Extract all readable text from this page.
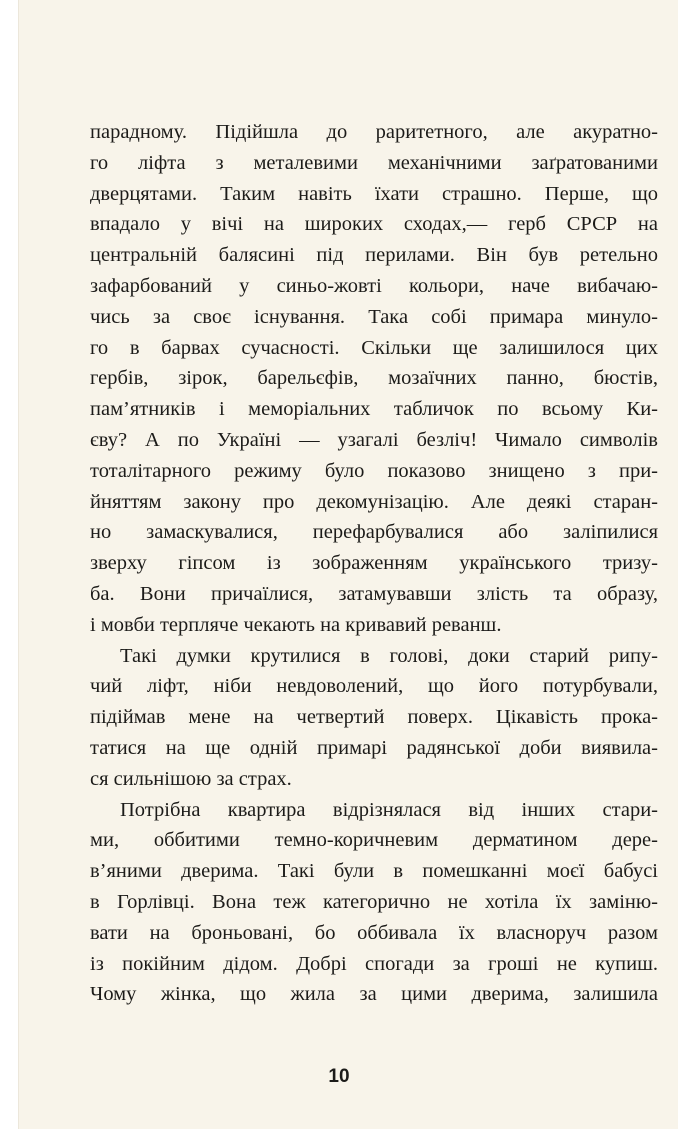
парадному. Підійшла до раритетного, але акуратно-
го ліфта з металевими механічними заґратованими
дверцятами. Таким навіть їхати страшно. Перше, що
впадало у вічі на широких сходах,— герб СРСР на
центральній балясині під перилами. Він був ретельно
зафарбований у синьо-жовті кольори, наче вибачаю-
чись за своє існування. Така собі примара минуло-
го в барвах сучасності. Скільки ще залишилося цих
гербів, зірок, барельєфів, мозаїчних панно, бюстів,
пам’ятників і меморіальних табличок по всьому Ки-
єву? А по Україні — узагалі безліч! Чимало символів
тоталітарного режиму було показово знищено з при-
йняттям закону про декомунізацію. Але деякі старан-
но замаскувалися, перефарбувалися або заліпилися
зверху гіпсом із зображенням українського тризу-
ба. Вони причаїлися, затамувавши злість та образу,
і мовби терпляче чекають на кривавий реванш.
Такі думки крутилися в голові, доки старий рипу-
чий ліфт, ніби невдоволений, що його потурбували,
підіймав мене на четвертий поверх. Цікавість прока-
татися на ще одній примарі радянської доби виявила-
ся сильнішою за страх.
Потрібна квартира відрізнялася від інших стари-
ми, оббитими темно-коричневим дерматином дере-
в’яними дверима. Такі були в помешканні моєї бабусі
в Горлівці. Вона теж категорично не хотіла їх заміню-
вати на броньовані, бо оббивала їх власноруч разом
із покійним дідом. Добрі спогади за гроші не купиш.
Чому жінка, що жила за цими дверима, залишила
10
